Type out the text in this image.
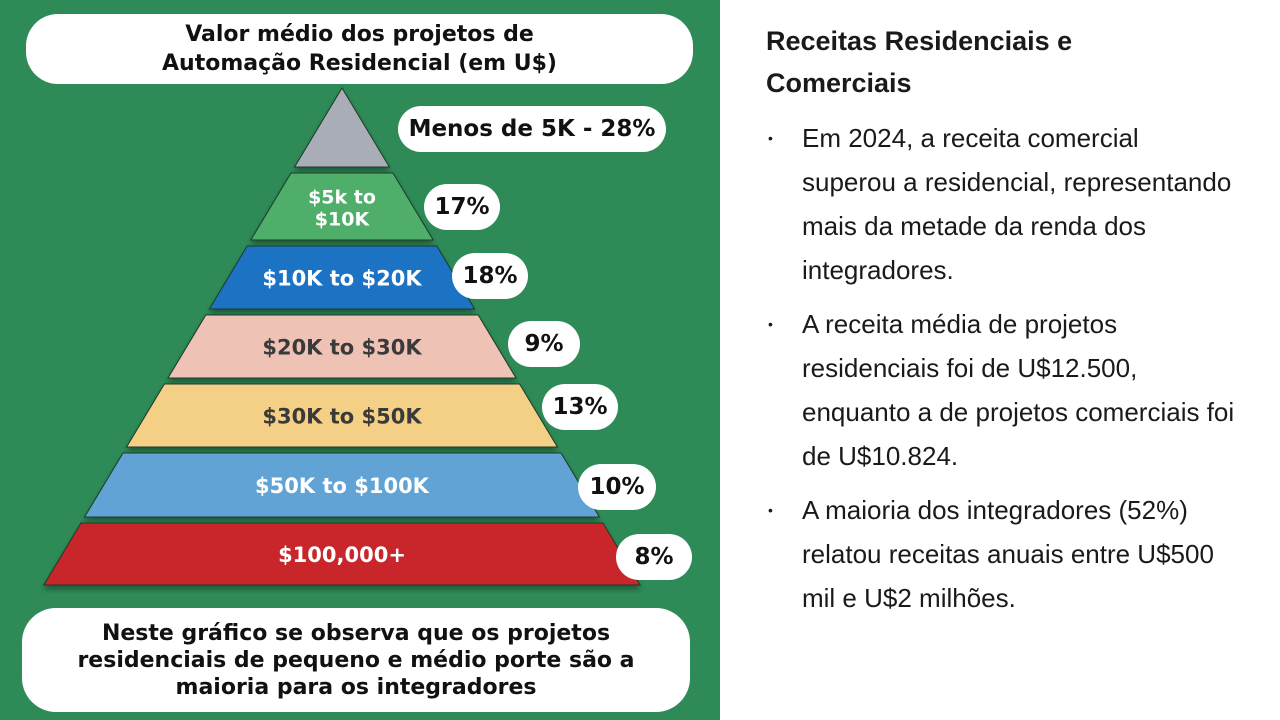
$5k to $10K
$10K to $20K
$20K to $30K
$30K to $50K
$50K to $100K
$100,000+
Valor médio dos projetos de Automação Residencial (em U$)
Menos de 5K - 28%
17%
18%
9%
13%
10%
8%
Neste gráfico se observa que os projetos residenciais de pequeno e médio porte são a maioria para os integradores
Receitas Residenciais e Comerciais
• Em 2024, a receita comercial superou a residencial, representando mais da metade da renda dos integradores.
• A receita média de projetos residenciais foi de U$12.500, enquanto a de projetos comerciais foi de U$10.824.
• A maioria dos integradores (52%) relatou receitas anuais entre U$500 mil e U$2 milhões.
